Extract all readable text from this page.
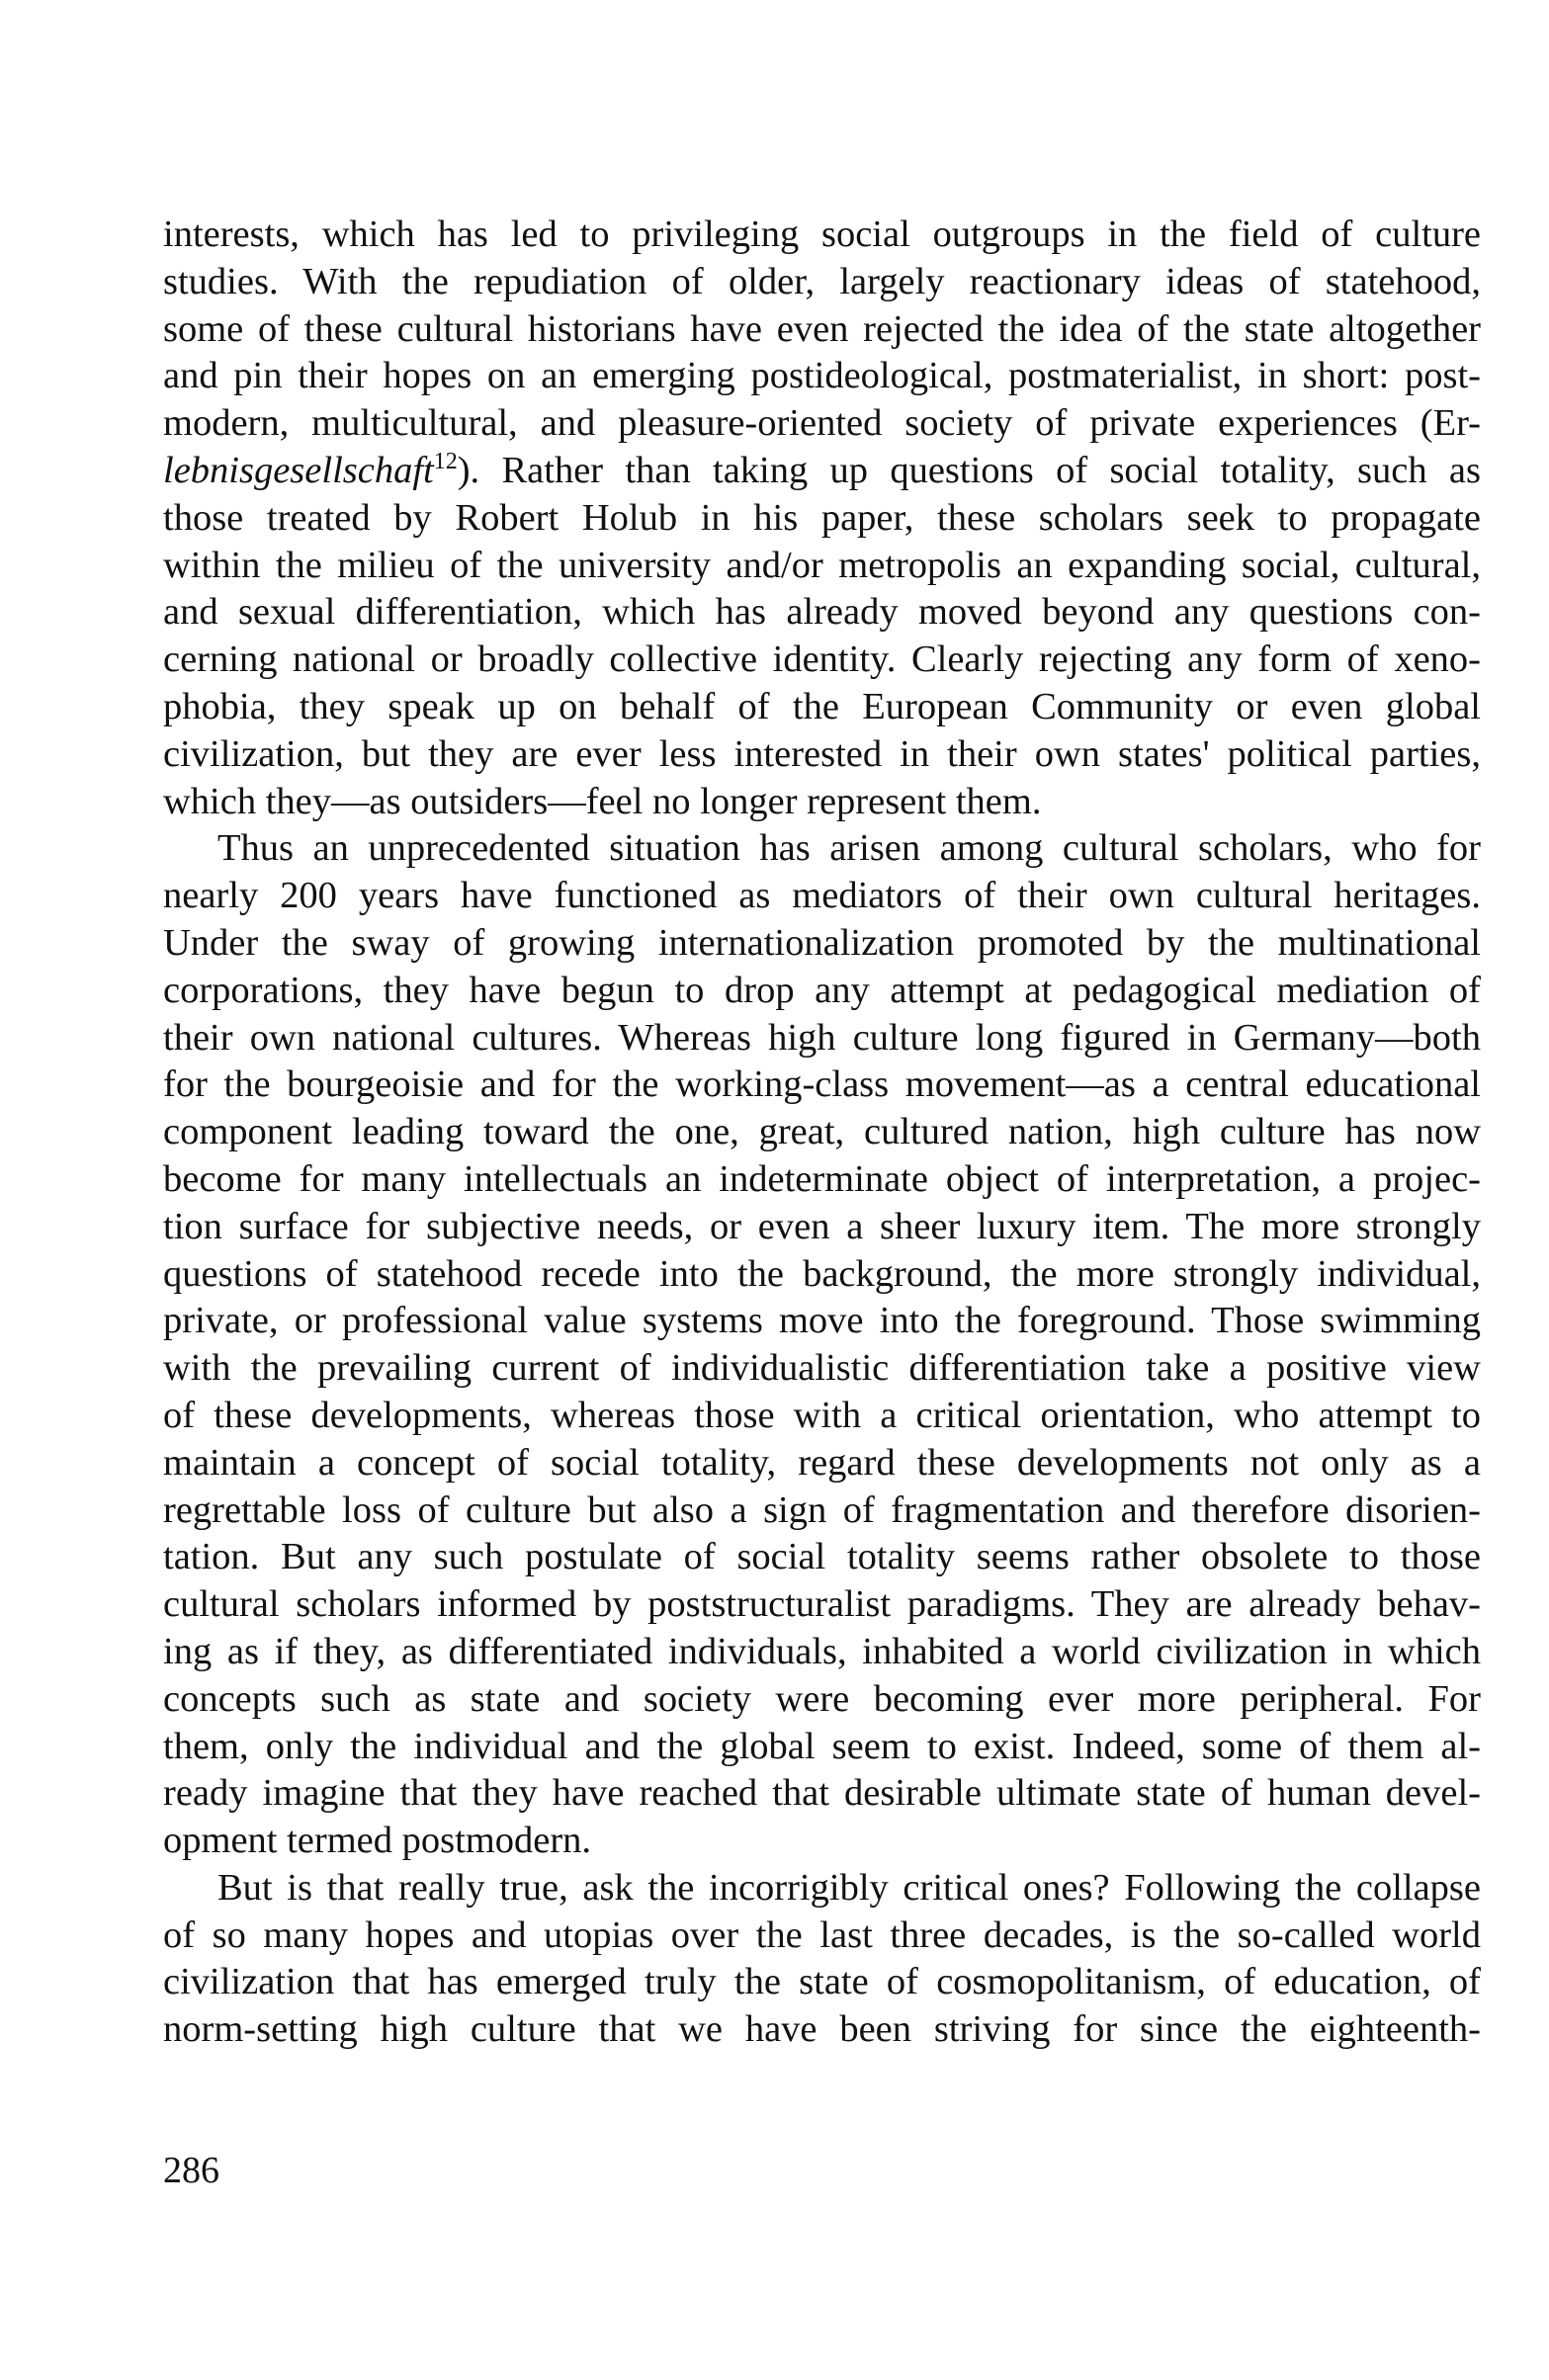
interests, which has led to privileging social outgroups in the field of culture
studies. With the repudiation of older, largely reactionary ideas of statehood,
some of these cultural historians have even rejected the idea of the state altogether
and pin their hopes on an emerging postideological, postmaterialist, in short: post-
modern, multicultural, and pleasure-oriented society of private experiences (Er-
lebnisgesellschaft$^{12}$). Rather than taking up questions of social totality, such as
those treated by Robert Holub in his paper, these scholars seek to propagate
within the milieu of the university and/or metropolis an expanding social, cultural,
and sexual differentiation, which has already moved beyond any questions con-
cerning national or broadly collective identity. Clearly rejecting any form of xeno-
phobia, they speak up on behalf of the European Community or even global
civilization, but they are ever less interested in their own states' political parties,
which they—as outsiders—feel no longer represent them.
Thus an unprecedented situation has arisen among cultural scholars, who for
nearly 200 years have functioned as mediators of their own cultural heritages.
Under the sway of growing internationalization promoted by the multinational
corporations, they have begun to drop any attempt at pedagogical mediation of
their own national cultures. Whereas high culture long figured in Germany—both
for the bourgeoisie and for the working-class movement—as a central educational
component leading toward the one, great, cultured nation, high culture has now
become for many intellectuals an indeterminate object of interpretation, a projec-
tion surface for subjective needs, or even a sheer luxury item. The more strongly
questions of statehood recede into the background, the more strongly individual,
private, or professional value systems move into the foreground. Those swimming
with the prevailing current of individualistic differentiation take a positive view
of these developments, whereas those with a critical orientation, who attempt to
maintain a concept of social totality, regard these developments not only as a
regrettable loss of culture but also a sign of fragmentation and therefore disorien-
tation. But any such postulate of social totality seems rather obsolete to those
cultural scholars informed by poststructuralist paradigms. They are already behav-
ing as if they, as differentiated individuals, inhabited a world civilization in which
concepts such as state and society were becoming ever more peripheral. For
them, only the individual and the global seem to exist. Indeed, some of them al-
ready imagine that they have reached that desirable ultimate state of human devel-
opment termed postmodern.
But is that really true, ask the incorrigibly critical ones? Following the collapse
of so many hopes and utopias over the last three decades, is the so-called world
civilization that has emerged truly the state of cosmopolitanism, of education, of
norm-setting high culture that we have been striving for since the eighteenth-
286
